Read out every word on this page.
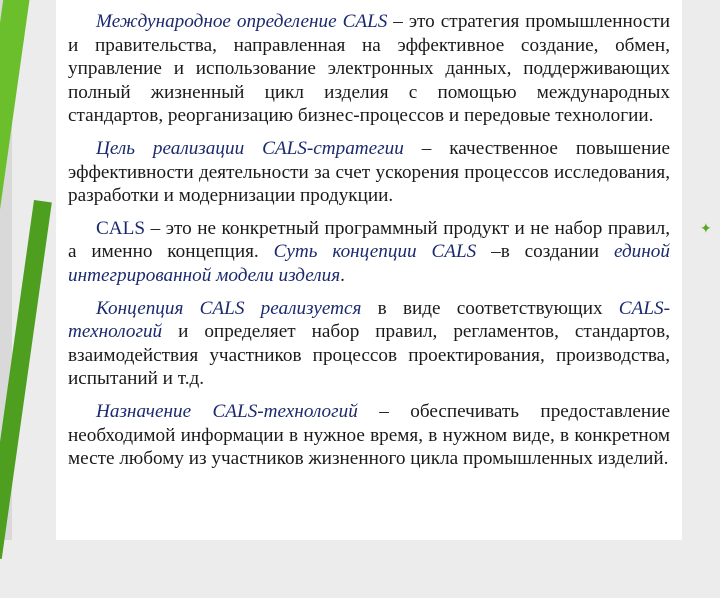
✦

Международное определение CALS – это стратегия промышленности и правительства, направленная на эффективное создание, обмен, управление и использование электронных данных, поддерживающих полный жизненный цикл изделия с помощью международных стандартов, реорганизацию бизнес-процессов и передовые технологии.

Цель реализации CALS-стратегии – качественное повышение эффективности деятельности за счет ускорения процессов исследования, разработки и модернизации продукции.

CALS – это не конкретный программный продукт и не набор правил, а именно концепция. Суть концепции CALS –в создании единой интегрированной модели изделия.

Концепция CALS реализуется в виде соответствующих CALS-технологий и определяет набор правил, регламентов, стандартов, взаимодействия участников процессов проектирования, производства, испытаний и т.д.

Назначение CALS-технологий – обеспечивать предоставление необходимой информации в нужное время, в нужном виде, в конкретном месте любому из участников жизненного цикла промышленных изделий.
